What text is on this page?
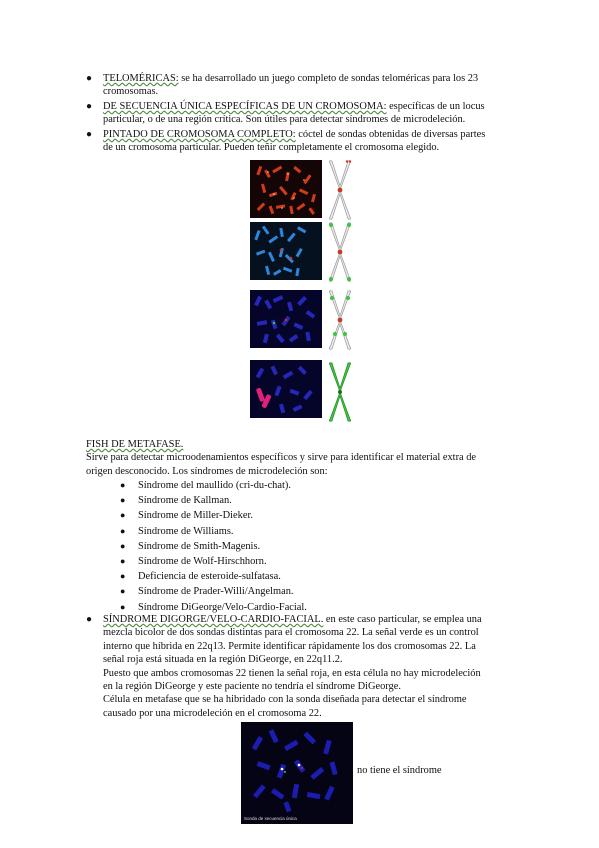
● TELOMÉRICAS: se ha desarrollado un juego completo de sondas teloméricas para los 23
cromosomas.
● DE SECUENCIA ÚNICA ESPECÍFICAS DE UN CROMOSOMA: específicas de un locus
particular, o de una región crítica. Son útiles para detectar síndromes de microdeleción.
● PINTADO DE CROMOSOMA COMPLETO: cóctel de sondas obtenidas de diversas partes
de un cromosoma particular. Pueden teñir completamente el cromosoma elegido.
FISH DE METAFASE.
Sirve para detectar microodenamientos específicos y sirve para identificar el material extra de
origen desconocido. Los síndromes de microdeleción son:
● Síndrome del maullido (cri-du-chat).
● Síndrome de Kallman.
● Síndrome de Miller-Dieker.
● Síndrome de Williams.
● Síndrome de Smith-Magenis.
● Síndrome de Wolf-Hirschhorn.
● Deficiencia de esteroide-sulfatasa.
● Síndrome de Prader-Willi/Angelman.
● Síndrome DiGeorge/Velo-Cardio-Facial.
● SÍNDROME DIGORGE/VELO-CARDIO-FACIAL. en este caso particular, se emplea una
mezcla bicolor de dos sondas distintas para el cromosoma 22. La señal verde es un control
interno que híbrida en 22q13. Permite identificar rápidamente los dos cromosomas 22. La
señal roja está situada en la región DiGeorge, en 22q11.2.
Puesto que ambos cromosomas 22 tienen la señal roja, en esta célula no hay microdeleción
en la región DiGeorge y este paciente no tendría el síndrome DiGeorge.
Célula en metafase que se ha hibridado con la sonda diseñada para detectar el síndrome
causado por una microdeleción en el cromosoma 22.
Sonda de secuencia única
no tiene el síndrome
